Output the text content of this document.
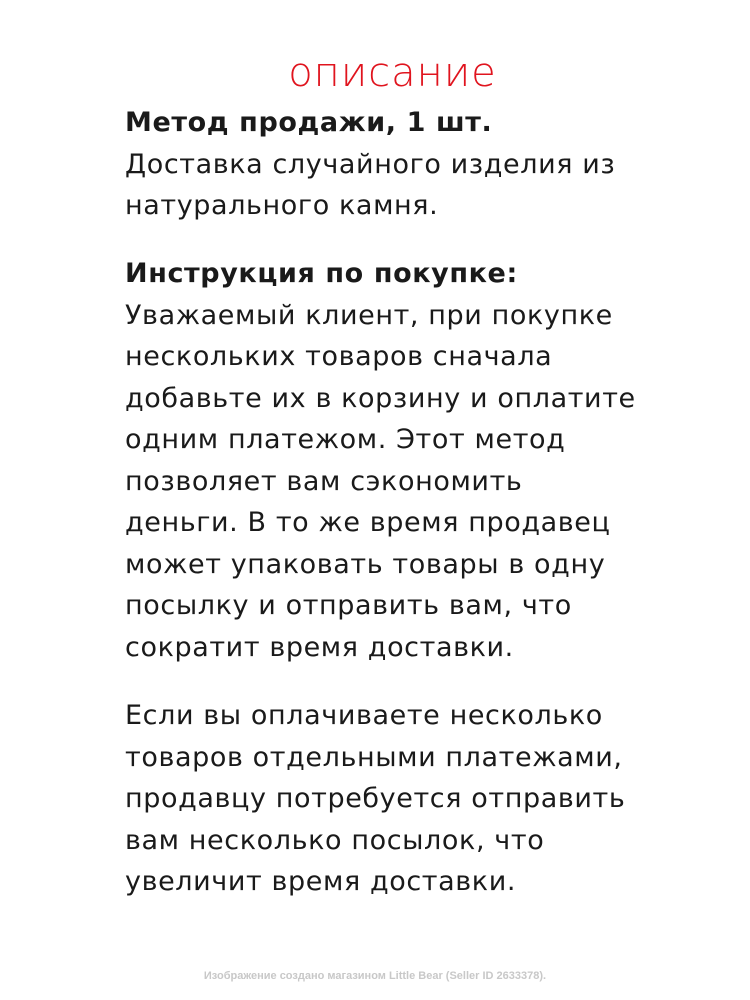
описание
Метод продажи, 1 шт.
Доставка случайного изделия из
натурального камня.
Инструкция по покупке:
Уважаемый клиент, при покупке
нескольких товаров сначала
добавьте их в корзину и оплатите
одним платежом. Этот метод
позволяет вам сэкономить
деньги. В то же время продавец
может упаковать товары в одну
посылку и отправить вам, что
сократит время доставки.
Если вы оплачиваете несколько
товаров отдельными платежами,
продавцу потребуется отправить
вам несколько посылок, что
увеличит время доставки.
Изображение создано магазином Little Bear (Seller ID 2633378).
